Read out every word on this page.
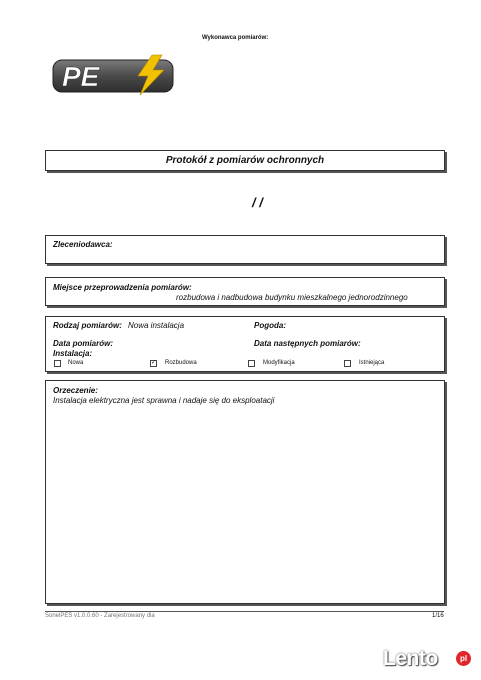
Wykonawca pomiarów:
PE
Protokół z pomiarów ochronnych
/ /
Zleceniodawca:
Miejsce przeprowadzenia pomiarów:
rozbudowa i nadbudowa budynku mieszkalnego jednorodzinnego
Rodzaj pomiarów: Nowa instalacja	Pogoda:
Data pomiarów:	Data następnych pomiarów:
Instalacja:
Nowa	✓ Rozbudowa	Modyfikacja	Istniejąca
Orzeczenie:
Instalacja elektryczna jest sprawna i nadaje się do eksploatacji
SonelPES v1.0.0.60 - Zarejestrowany dla	1/16
Lento	pl
